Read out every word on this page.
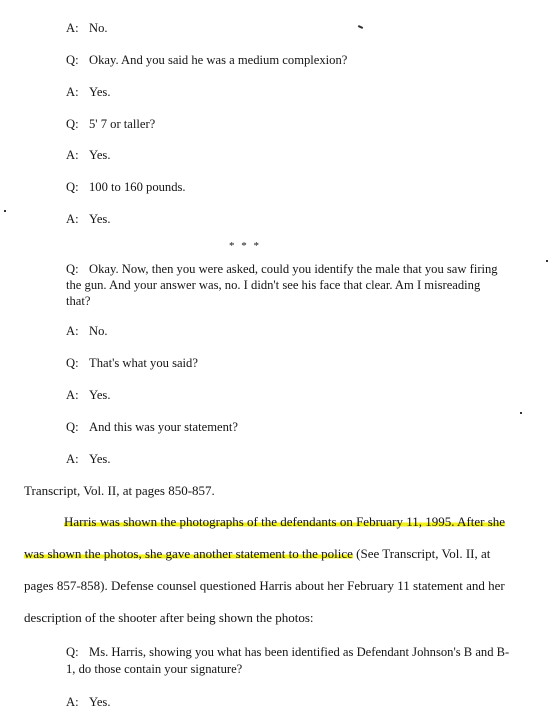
A: No.
Q: Okay. And you said he was a medium complexion?
A: Yes.
Q: 5' 7 or taller?
A: Yes.
Q: 100 to 160 pounds.
A: Yes.
* * *
Q: Okay. Now, then you were asked, could you identify the male that you saw firing
the gun. And your answer was, no. I didn't see his face that clear. Am I misreading
that?
A: No.
Q: That's what you said?
A: Yes.
Q: And this was your statement?
A: Yes.
Transcript, Vol. II, at pages 850-857.
Harris was shown the photographs of the defendants on February 11, 1995. After she
was shown the photos, she gave another statement to the police (See Transcript, Vol. II, at
pages 857-858). Defense counsel questioned Harris about her February 11 statement and her
description of the shooter after being shown the photos:
Q: Ms. Harris, showing you what has been identified as Defendant Johnson's B and B-
1, do those contain your signature?
A: Yes.
